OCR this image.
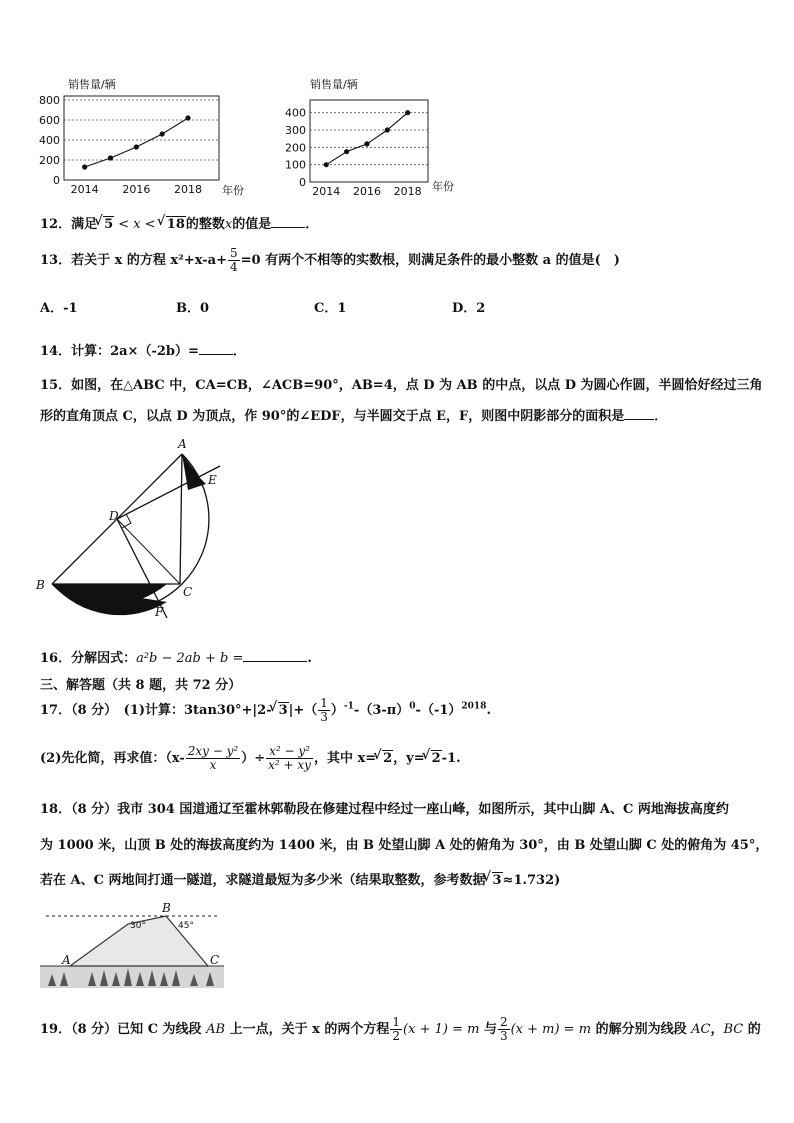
销售量/辆
年份
0
200
400
600
800
2014 2016 2018
销售量/辆
年份
0
100
200
300
400
2014 2016 2018
12．满足 √ 5 < x < √ 18的整数x的值是	．
13．若关于 x 的方程 $x^2+x-a+ \frac{5}{4} =0$ 有两个不相等的实数根，则满足条件的最小整数 a 的值是(　)
A．-1	B．0	C．1	D．2
14．计算：2a×（-2b）=	．
15．如图，在△ABC 中，CA=CB，∠ACB=90°，AB=4，点 D 为 AB 的中点，以点 D 为圆心作圆，半圆恰好经过三角
形的直角顶点 C，以点 D 为顶点，作 90°的∠EDF，与半圆交于点 E，F，则图中阴影部分的面积是 ．
A
B	C
D
E
F
16．分解因式：a²b − 2ab + b =	.
三、解答题（共 8 题，共 72 分）
17．（8 分）　(1)计算：3tan30°+|2- √ $3|+( \frac{1}{3} )^{-1}-(3-\pi)^0-(-1)^{2018}$.
(2)先化简，再求值：（$x- \frac{\text{2xy − y²}}{x}$ ）÷ $\frac{\text{x² − y²}}{\text{x² + xy}}$ ，其中 x= √ 2，y= √ 2-1.
18．（8 分）我市 304 国道通辽至霍林郭勒段在修建过程中经过一座山峰，如图所示，其中山脚 A、C 两地海拔高度约
为 1000 米，山顶 B 处的海拔高度约为 1400 米，由 B 处望山脚 A 处的俯角为 30°，由 B 处望山脚 C 处的俯角为 45°，
若在 A、C 两地间打通一隧道，求隧道最短为多少米（结果取整数，参考数据 √ 3≈1.732)
B
A	C
30°	45°
19．（8 分）已知 C 为线段 AB 上一点，关于 x 的两个方程 $\frac{1}{2} (x + 1) = m$ 与 $\frac{2}{3} (x + m) = m$ 的解分别为线段 AC，BC 的
